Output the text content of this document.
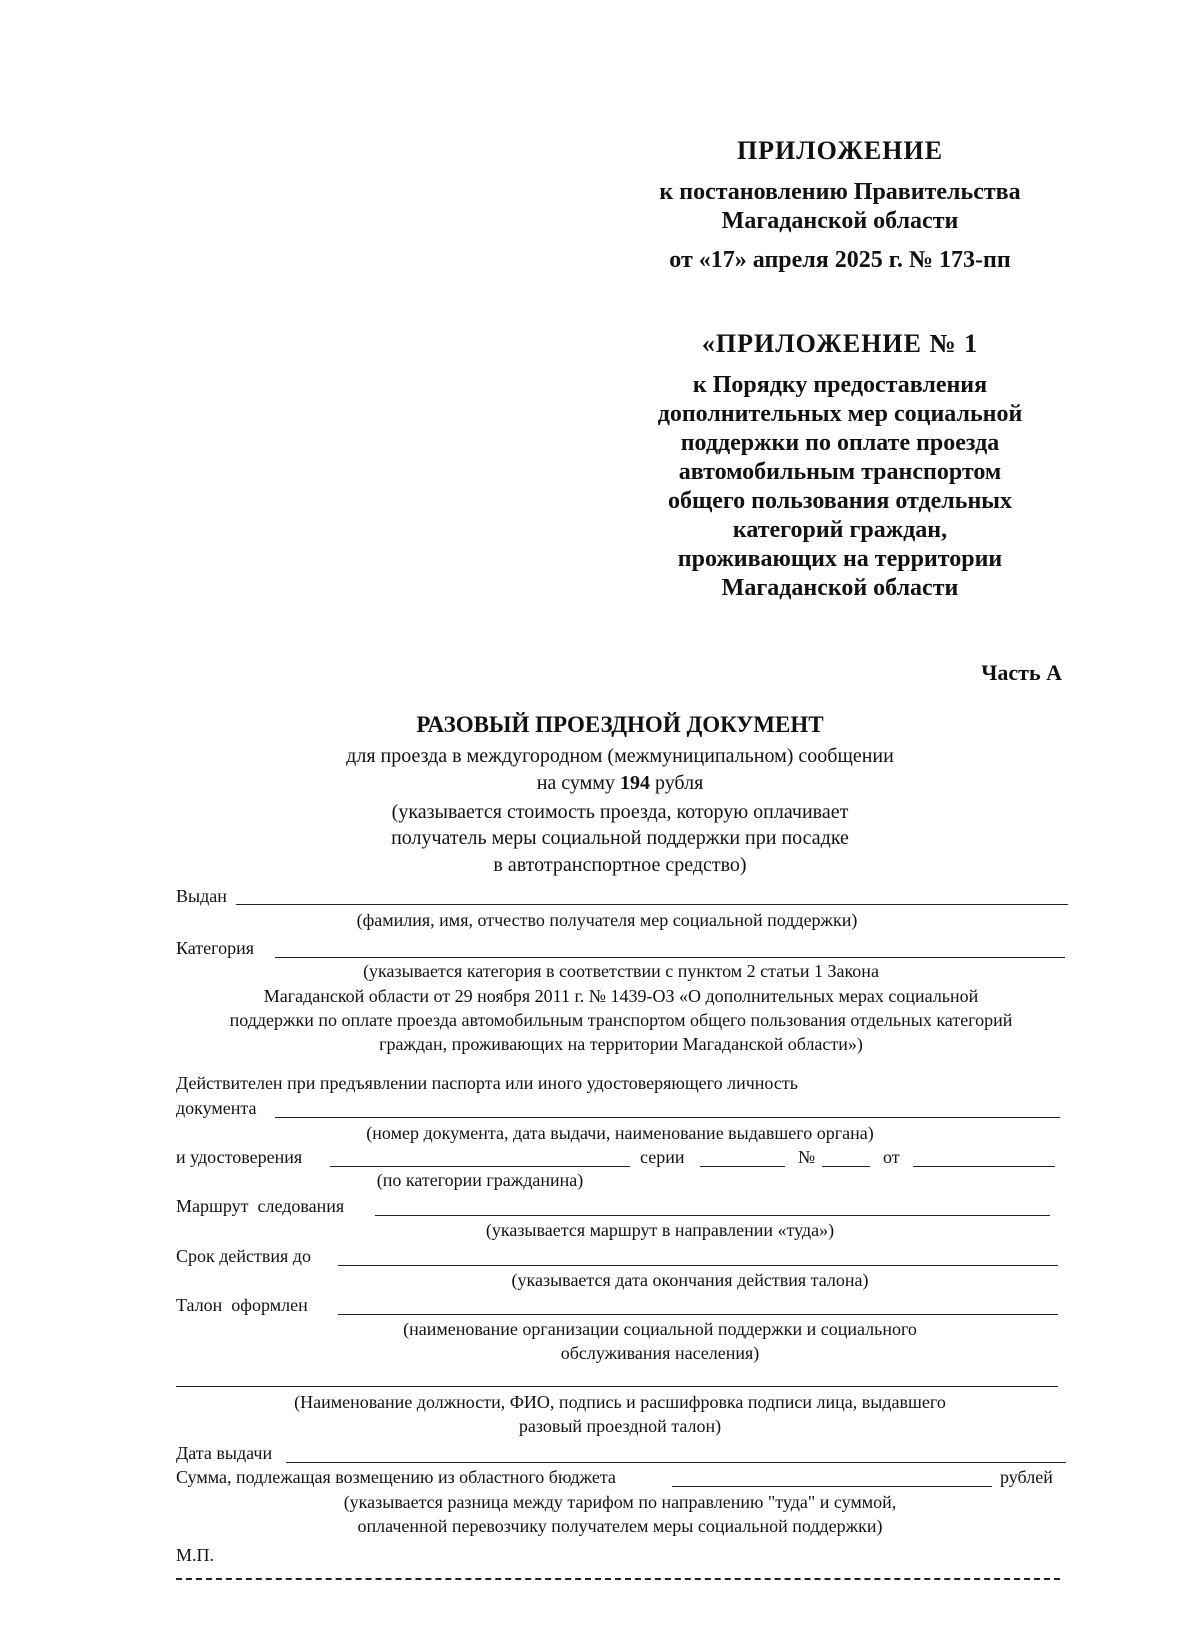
ПРИЛОЖЕНИЕ
к постановлению Правительства
Магаданской области
от «17» апреля 2025 г. № 173-пп
«ПРИЛОЖЕНИЕ № 1
к Порядку предоставления
дополнительных мер социальной
поддержки по оплате проезда
автомобильным транспортом
общего пользования отдельных
категорий граждан,
проживающих на территории
Магаданской области
Часть А
РАЗОВЫЙ ПРОЕЗДНОЙ ДОКУМЕНТ
для проезда в междугородном (межмуниципальном) сообщении
на сумму 194 рубля
(указывается стоимость проезда, которую оплачивает
получатель меры социальной поддержки при посадке
в автотранспортное средство)
Выдан
(фамилия, имя, отчество получателя мер социальной поддержки)
Категория
(указывается категория в соответствии с пунктом 2 статьи 1 Закона
Магаданской области от 29 ноября 2011 г. № 1439-ОЗ «О дополнительных мерах социальной
поддержки по оплате проезда автомобильным транспортом общего пользования отдельных категорий
граждан, проживающих на территории Магаданской области»)
Действителен при предъявлении паспорта или иного удостоверяющего личность
документа
(номер документа, дата выдачи, наименование выдавшего органа)
и удостоверения	серии	№	от
(по категории гражданина)
Маршрут  следования
(указывается маршрут в направлении «туда»)
Срок действия до
(указывается дата окончания действия талона)
Талон  оформлен
(наименование организации социальной поддержки и социального
обслуживания населения)
(Наименование должности, ФИО, подпись и расшифровка подписи лица, выдавшего
разовый проездной талон)
Дата выдачи
Сумма, подлежащая возмещению из областного бюджета	рублей
(указывается разница между тарифом по направлению "туда" и суммой,
оплаченной перевозчику получателем меры социальной поддержки)
М.П.
